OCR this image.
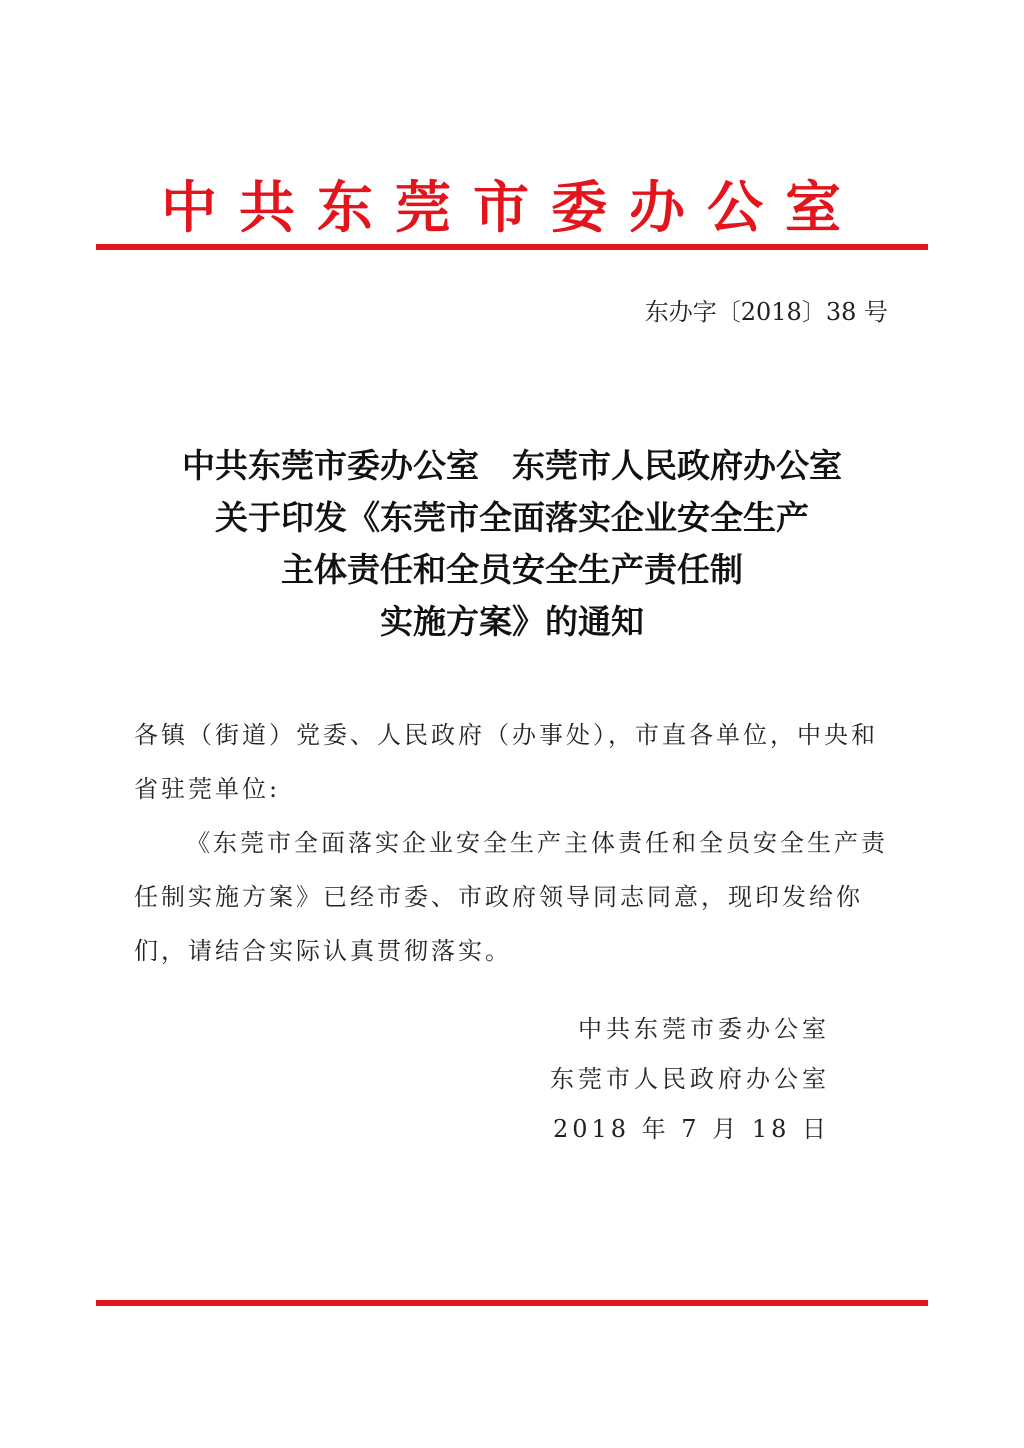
中共东莞市委办公室
东办字〔2018〕38 号
中共东莞市委办公室　东莞市人民政府办公室
关于印发《东莞市全面落实企业安全生产
主体责任和全员安全生产责任制
实施方案》的通知

各镇（街道）党委、人民政府（办事处），市直各单位，中央和省驻莞单位:

《东莞市全面落实企业安全生产主体责任和全员安全生产责任制实施方案》已经市委、市政府领导同志同意，现印发给你们，请结合实际认真贯彻落实。

中共东莞市委办公室
东莞市人民政府办公室
2018 年 7 月 18 日
